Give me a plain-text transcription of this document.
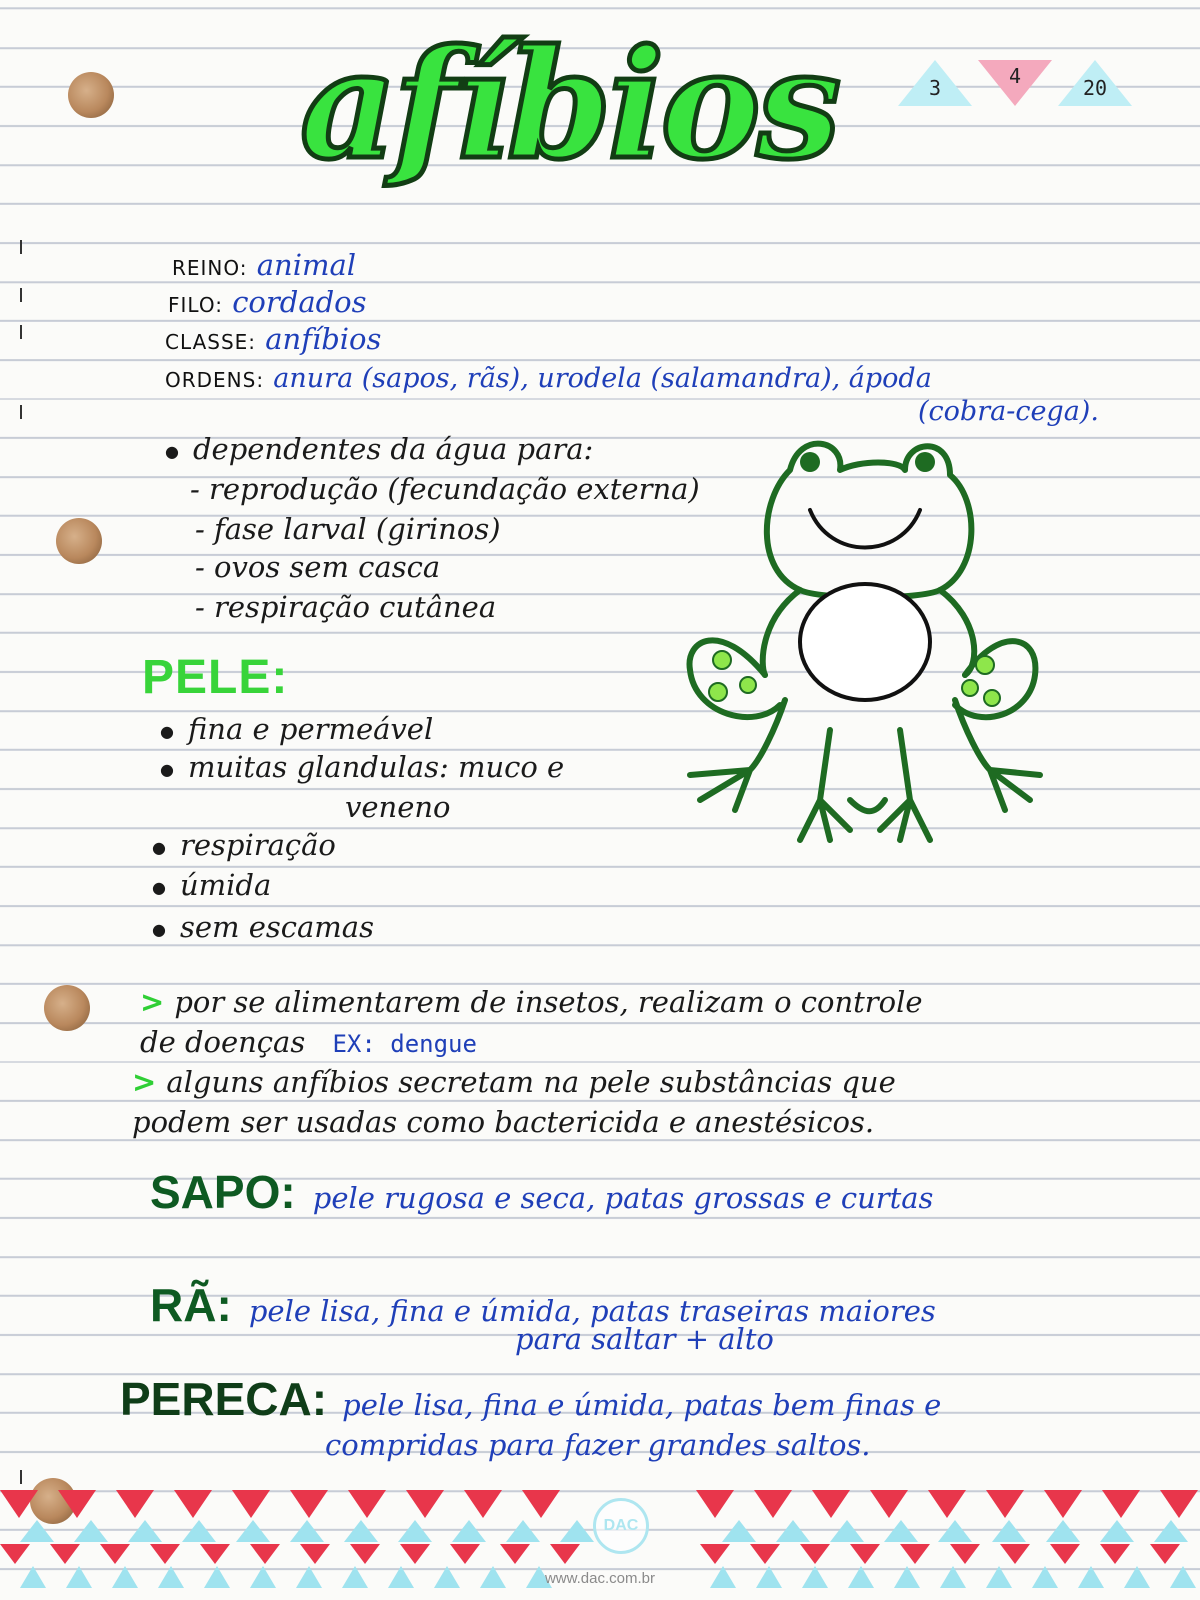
afíbios	3	4	20
REINO: animal
FILO: cordados
CLASSE: anfíbios
ORDENS: anura (sapos, rãs), urodela (salamandra), ápoda
(cobra-cega).
● dependentes da água para:
- reprodução (fecundação externa)
- fase larval (girinos)
- ovos sem casca
- respiração cutânea
PELE:
● fina e permeável
● muitas glandulas: muco e
veneno
● respiração
● úmida
● sem escamas
> por se alimentarem de insetos, realizam o controle
de doenças EX: dengue
> alguns anfíbios secretam na pele substâncias que
podem ser usadas como bactericida e anestésicos.
SAPO: pele rugosa e seca, patas grossas e curtas
RÃ: pele lisa, fina e úmida, patas traseiras maiores
para saltar + alto
PERECA: pele lisa, fina e úmida, patas bem finas e
compridas para fazer grandes saltos.
DAC
www.dac.com.br
